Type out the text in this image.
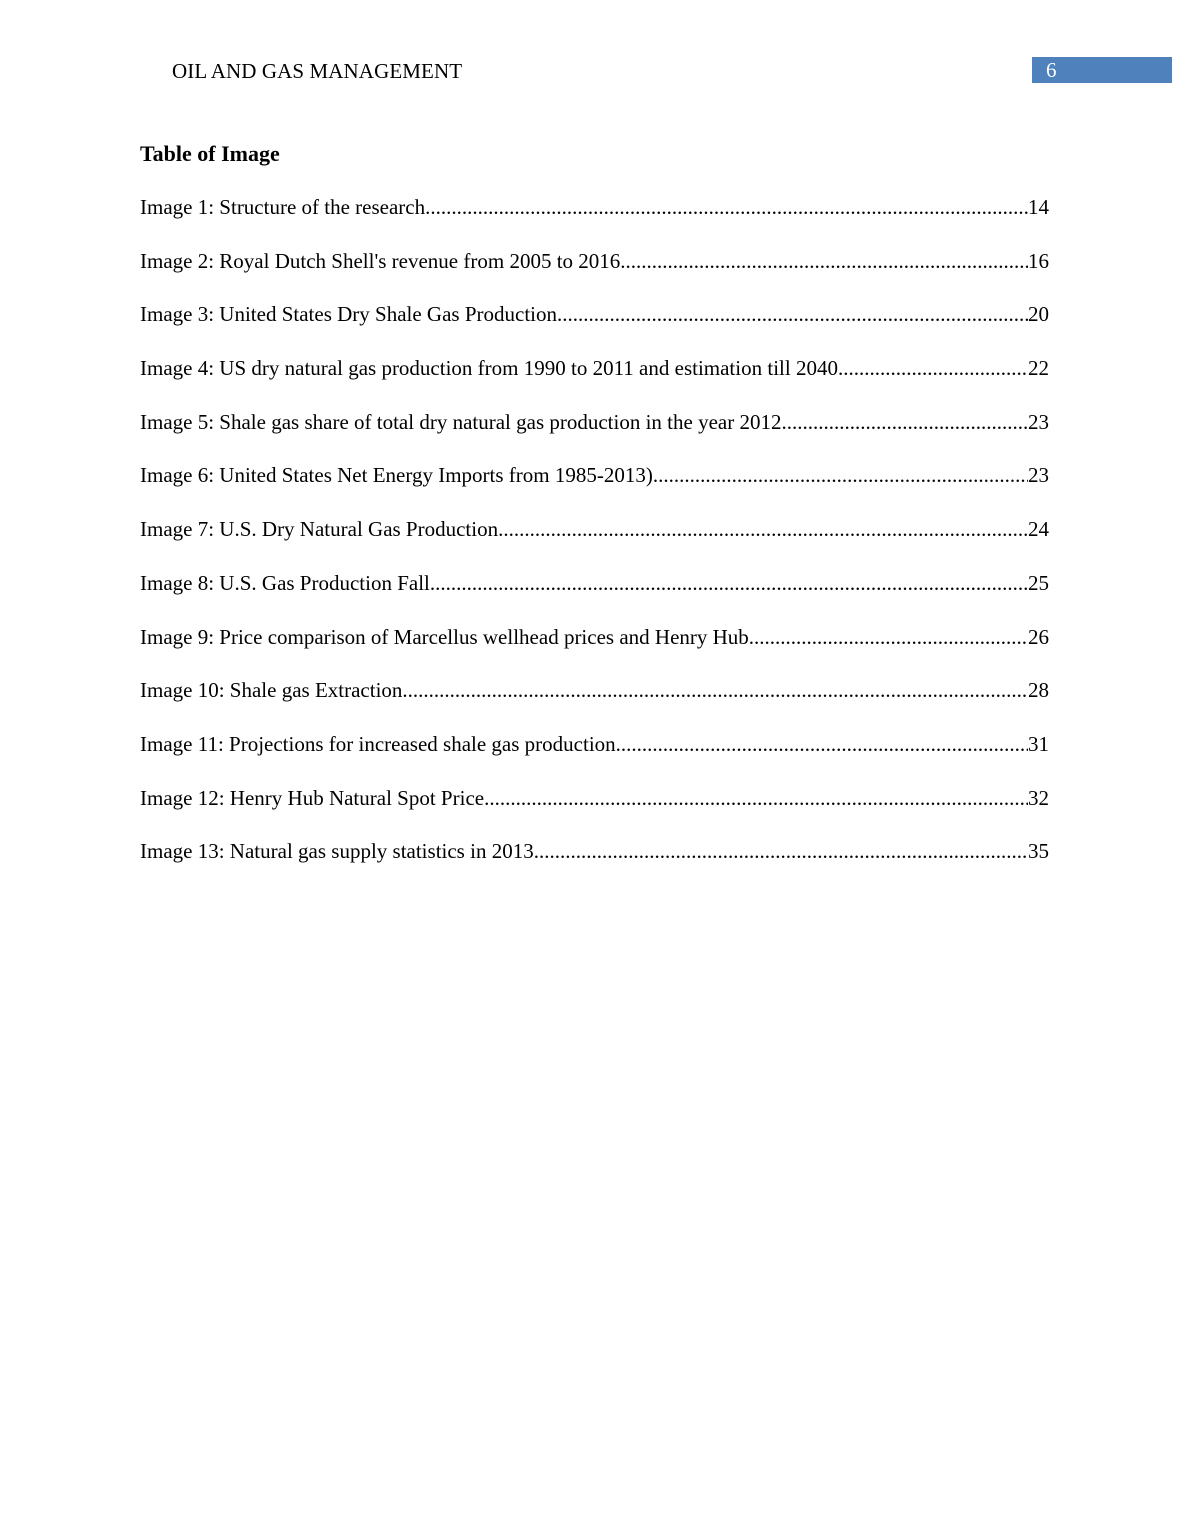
OIL AND GAS MANAGEMENT	6
Table of Image
Image 1: Structure of the research .....	14
Image 2: Royal Dutch Shell's revenue from 2005 to 2016 .....	16
Image 3: United States Dry Shale Gas Production .....	20
Image 4: US dry natural gas production from 1990 to 2011 and estimation till 2040 .....	22
Image 5: Shale gas share of total dry natural gas production in the year 2012 .....	23
Image 6: United States Net Energy Imports from 1985-2013) .....	23
Image 7: U.S. Dry Natural Gas Production .....	24
Image 8: U.S. Gas Production Fall .....	25
Image 9: Price comparison of Marcellus wellhead prices and Henry Hub .....	26
Image 10: Shale gas Extraction .....	28
Image 11: Projections for increased shale gas production .....	31
Image 12: Henry Hub Natural Spot Price .....	32
Image 13: Natural gas supply statistics in 2013 .....	35
